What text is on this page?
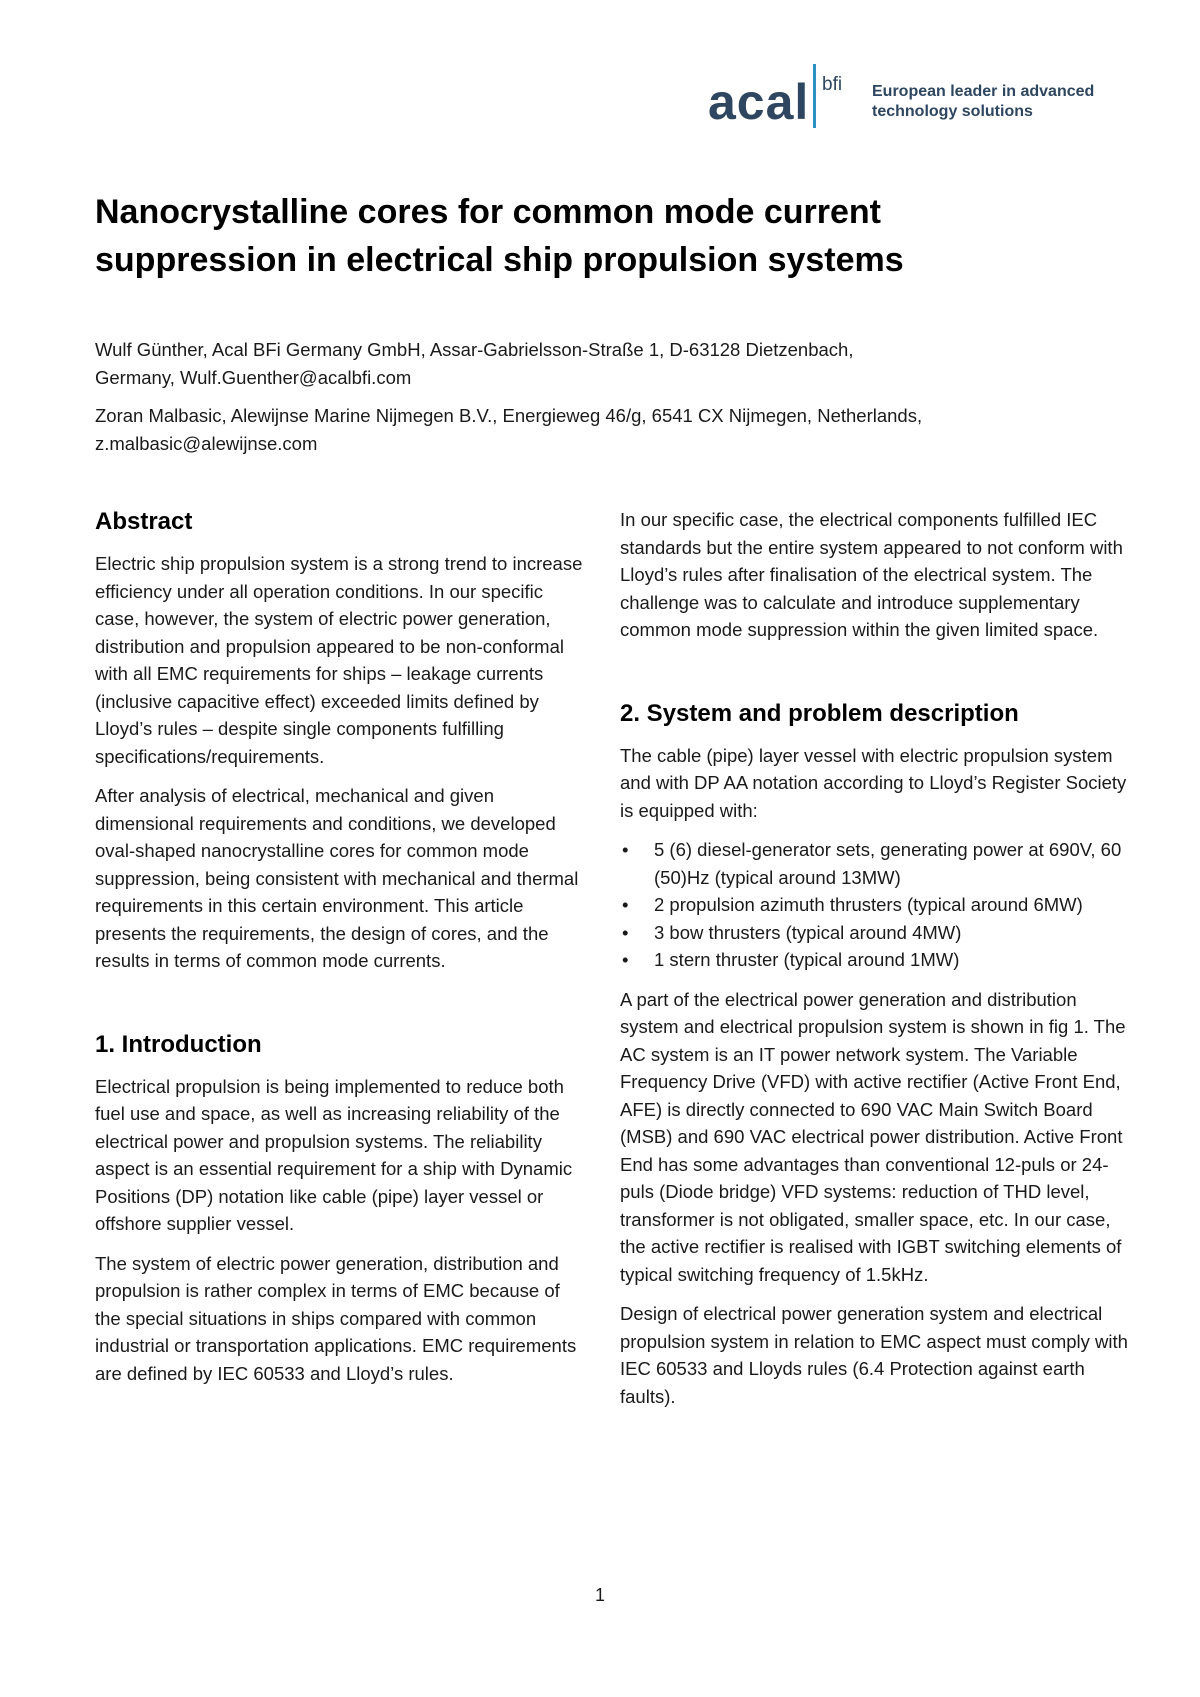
acal bfi European leader in advanced
technology solutions
Nanocrystalline cores for common mode current
suppression in electrical ship propulsion systems

Wulf Günther, Acal BFi Germany GmbH, Assar-Gabrielsson-Straße 1, D-63128 Dietzenbach,
Germany, Wulf.Guenther@acalbfi.com

Zoran Malbasic, Alewijnse Marine Nijmegen B.V., Energieweg 46/g, 6541 CX Nijmegen, Netherlands,
z.malbasic@alewijnse.com

Abstract

Electric ship propulsion system is a strong trend to increase efficiency under all operation conditions. In our specific case, however, the system of electric power generation, distribution and propulsion appeared to be non-conformal with all EMC requirements for ships – leakage currents (inclusive capacitive effect) exceeded limits defined by Lloyd’s rules – despite single components fulfilling specifications/requirements.

After analysis of electrical, mechanical and given dimensional requirements and conditions, we developed oval-shaped nanocrystalline cores for common mode suppression, being consistent with mechanical and thermal requirements in this certain environment. This article presents the requirements, the design of cores, and the results in terms of common mode currents.

1. Introduction

Electrical propulsion is being implemented to reduce both fuel use and space, as well as increasing reliability of the electrical power and propulsion systems. The reliability aspect is an essential requirement for a ship with Dynamic Positions (DP) notation like cable (pipe) layer vessel or offshore supplier vessel.

The system of electric power generation, distribution and propulsion is rather complex in terms of EMC because of the special situations in ships compared with common industrial or transportation applications. EMC requirements are defined by IEC 60533 and Lloyd’s rules.

In our specific case, the electrical components fulfilled IEC standards but the entire system appeared to not conform with Lloyd’s rules after finalisation of the electrical system. The challenge was to calculate and introduce supplementary common mode suppression within the given limited space.

2. System and problem description

The cable (pipe) layer vessel with electric propulsion system and with DP AA notation according to Lloyd’s Register Society is equipped with:

• 5 (6) diesel-generator sets, generating power at 690V, 60 (50)Hz (typical around 13MW)
• 2 propulsion azimuth thrusters (typical around 6MW)
• 3 bow thrusters (typical around 4MW)
• 1 stern thruster (typical around 1MW)

A part of the electrical power generation and distribution system and electrical propulsion system is shown in fig 1. The AC system is an IT power network system. The Variable Frequency Drive (VFD) with active rectifier (Active Front End, AFE) is directly connected to 690 VAC Main Switch Board (MSB) and 690 VAC electrical power distribution. Active Front End has some advantages than conventional 12-puls or 24-puls (Diode bridge) VFD systems: reduction of THD level, transformer is not obligated, smaller space, etc. In our case, the active rectifier is realised with IGBT switching elements of typical switching frequency of 1.5kHz.

Design of electrical power generation system and electrical propulsion system in relation to EMC aspect must comply with IEC 60533 and Lloyds rules (6.4 Protection against earth faults).

1
